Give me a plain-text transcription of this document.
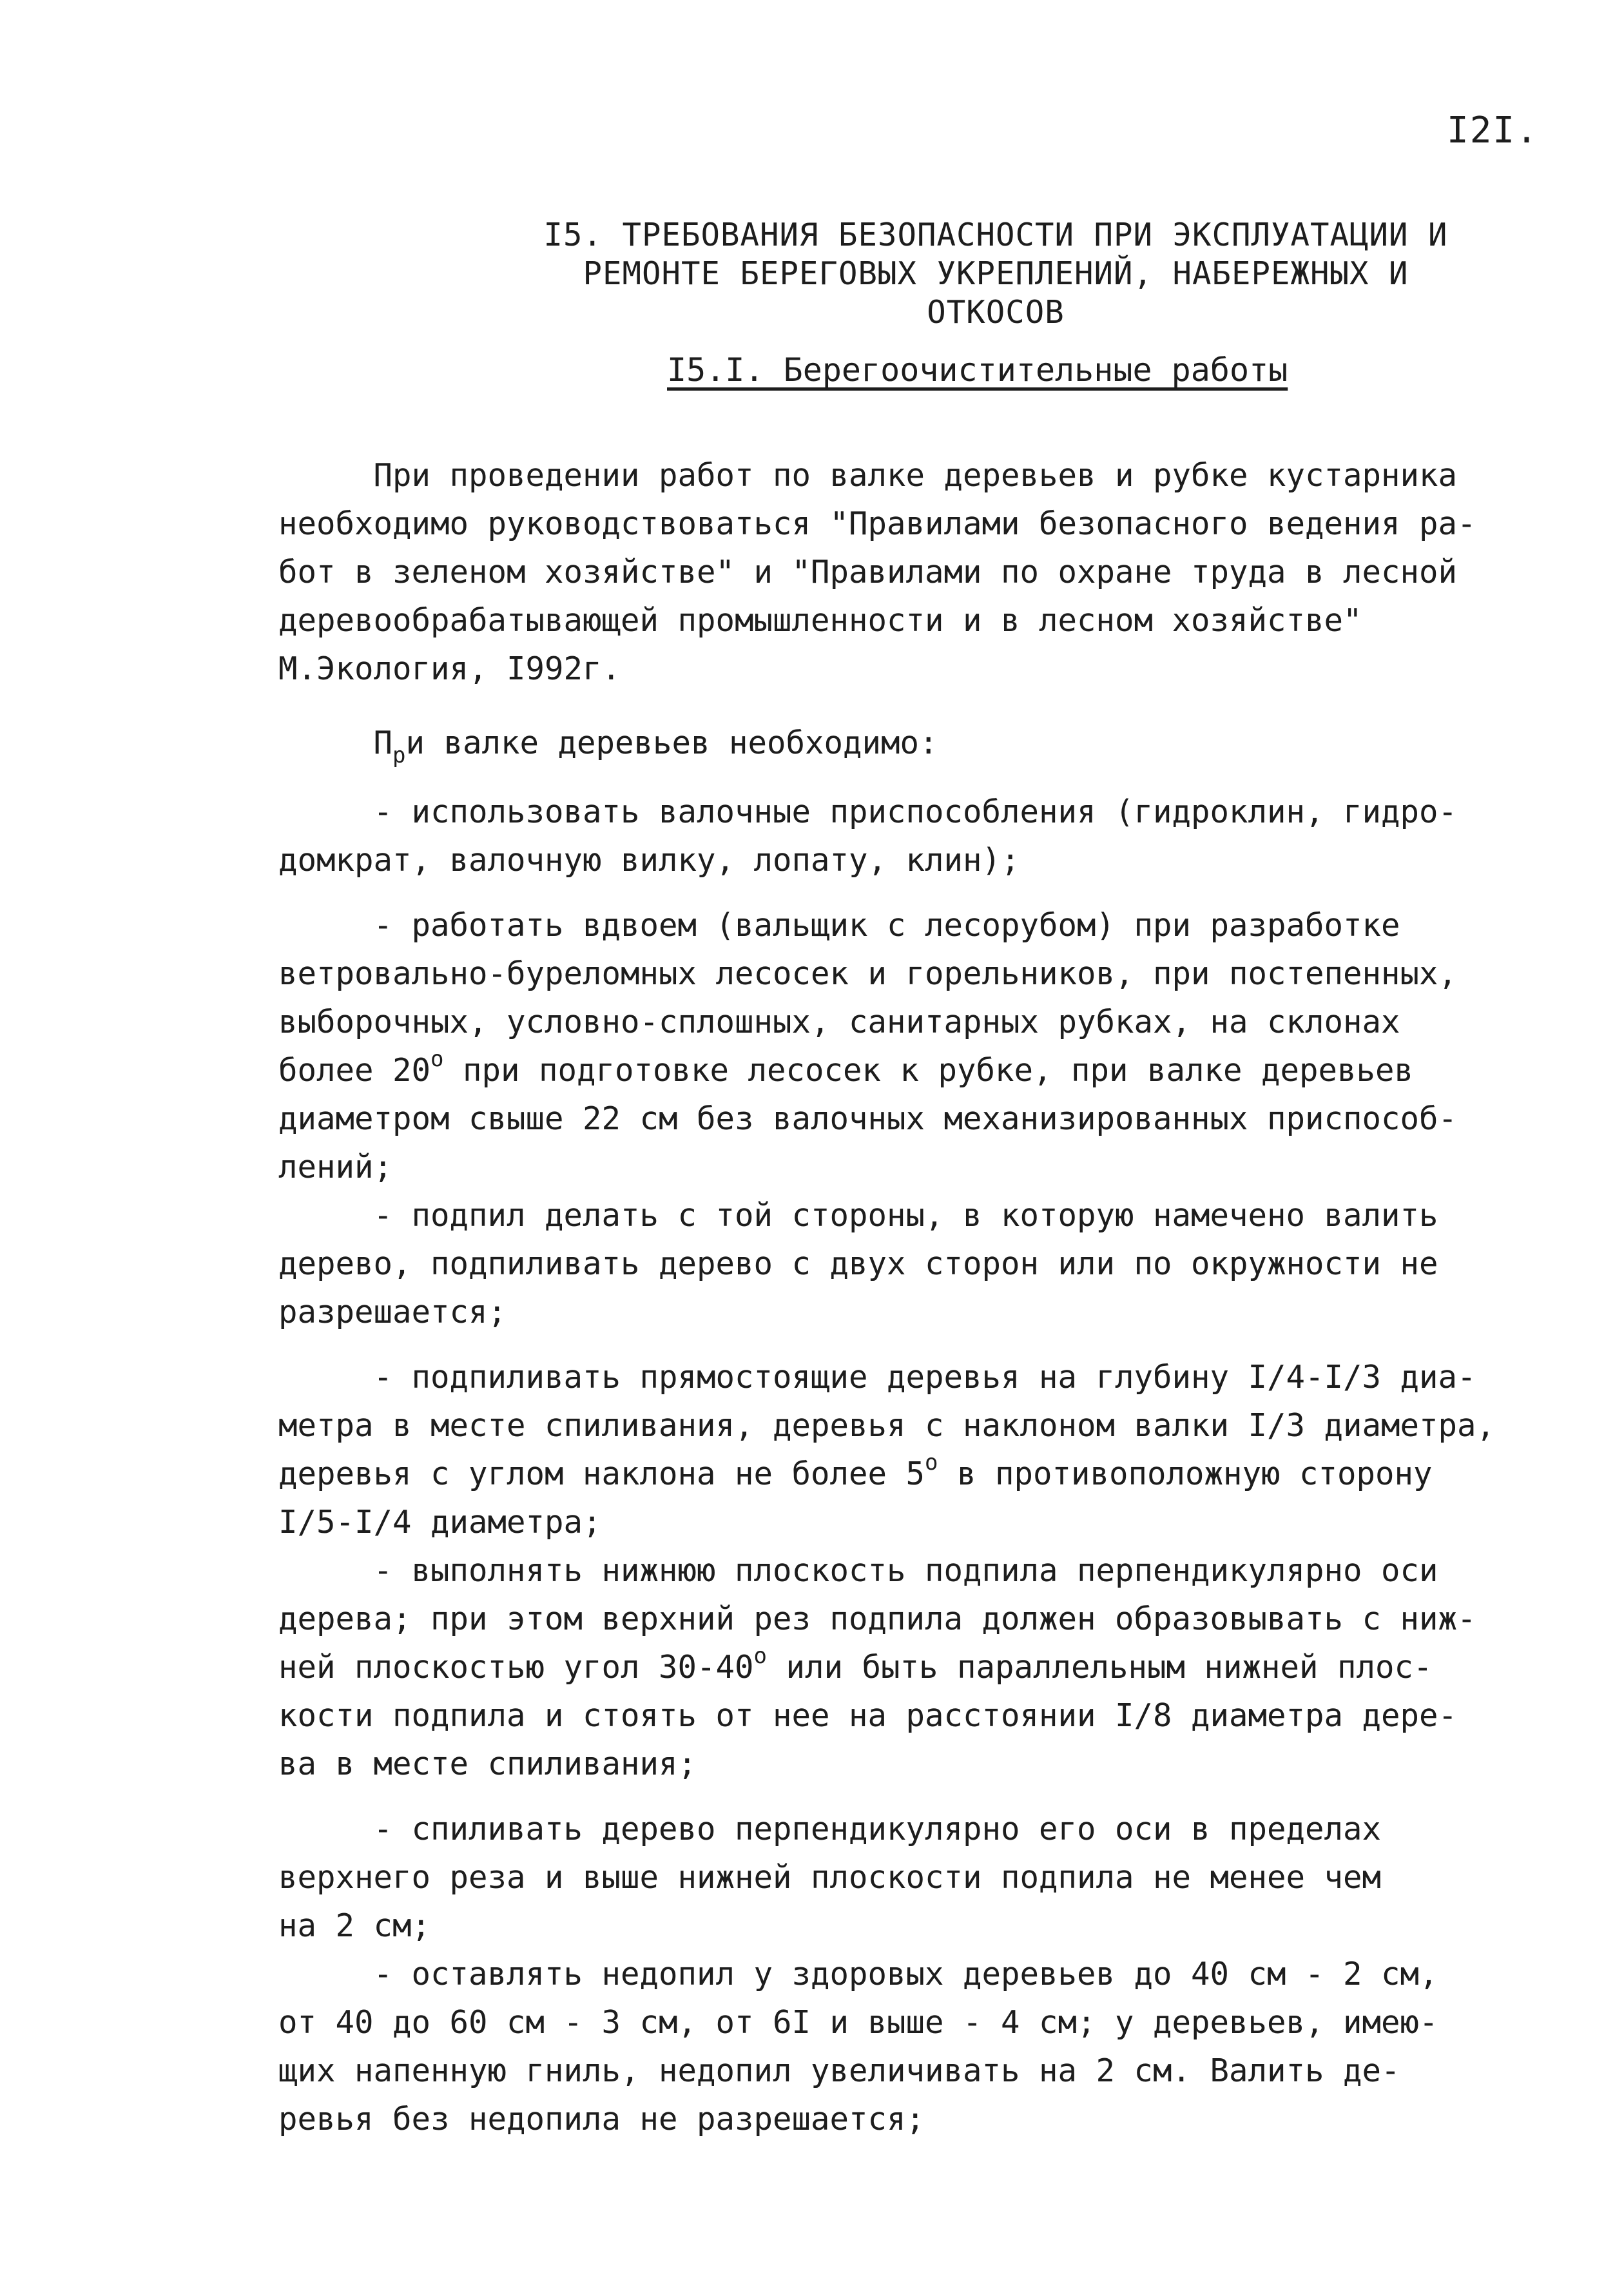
I2I.
I5. ТРЕБОВАНИЯ БЕЗОПАСНОСТИ ПРИ ЭКСПЛУАТАЦИИ И
РЕМОНТЕ БЕРЕГОВЫХ УКРЕПЛЕНИЙ, НАБЕРЕЖНЫХ И
ОТКОСОВ
I5.I. Берегоочистительные работы

При проведении работ по валке деревьев и рубке кустарника
необходимо руководствоваться "Правилами безопасного ведения ра-
бот в зеленом хозяйстве" и "Правилами по охране труда в лесной
деревообрабатывающей промышленности и в лесном хозяйстве"
М.Экология, I992г.

$П_ри$ валке деревьев необходимо:

- использовать валочные приспособления (гидроклин, гидро-
домкрат, валочную вилку, лопату, клин);

- работать вдвоем (вальщик с лесорубом) при разработке
ветровально-буреломных лесосек и горельников, при постепенных,
выборочных, условно-сплошных, санитарных рубках, на склонах
более $20^о$ при подготовке лесосек к рубке, при валке деревьев
диаметром свыше 22 см без валочных механизированных приспособ-
лений;

- подпил делать с той стороны, в которую намечено валить
дерево, подпиливать дерево с двух сторон или по окружности не
разрешается;

- подпиливать прямостоящие деревья на глубину I/4-I/3 диа-
метра в месте спиливания, деревья с наклоном валки I/3 диаметра,
деревья с углом наклона не более $5^о$ в противоположную сторону
I/5-I/4 диаметра;

- выполнять нижнюю плоскость подпила перпендикулярно оси
дерева; при этом верхний рез подпила должен образовывать с ниж-
ней плоскостью угол $30-40^о$ или быть параллельным нижней плос-
кости подпила и стоять от нее на расстоянии I/8 диаметра дере-
ва в месте спиливания;

- спиливать дерево перпендикулярно его оси в пределах
верхнего реза и выше нижней плоскости подпила не менее чем
на 2 см;

- оставлять недопил у здоровых деревьев до 40 см - 2 см,
от 40 до 60 см - 3 см, от 6I и выше - 4 см; у деревьев, имею-
щих напенную гниль, недопил увеличивать на 2 см. Валить де-
ревья без недопила не разрешается;
